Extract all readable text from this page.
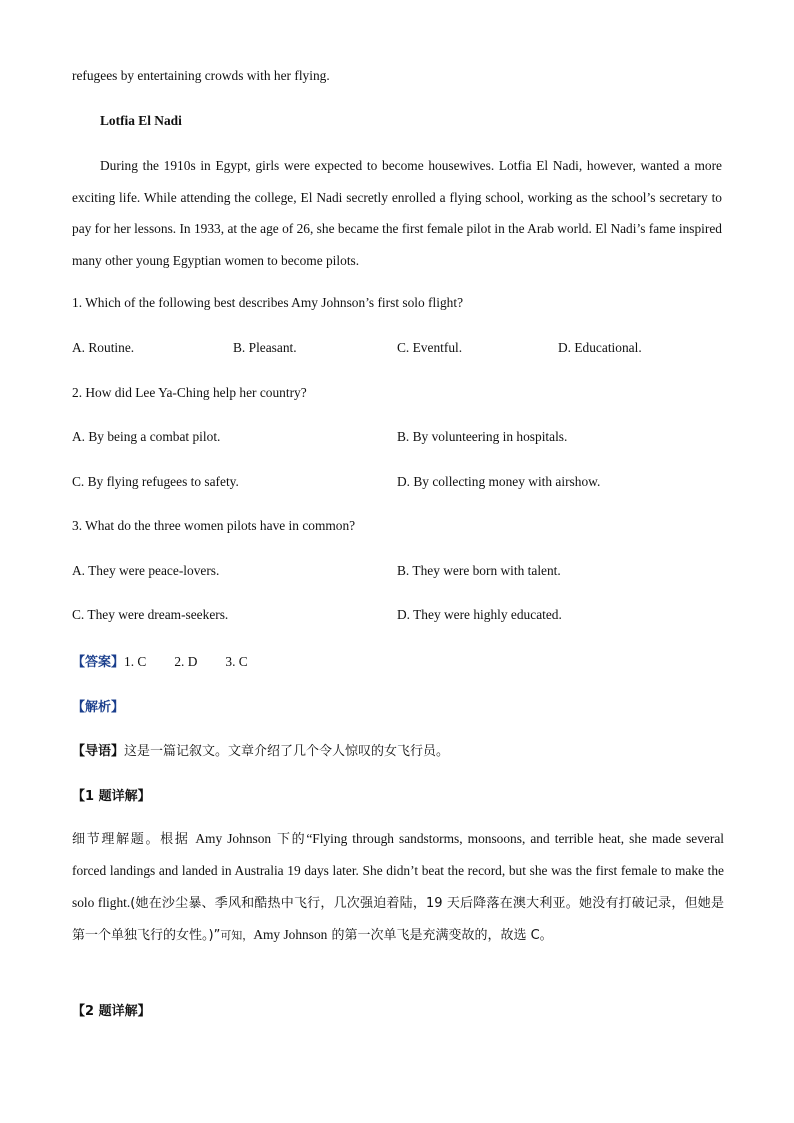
refugees by entertaining crowds with her flying.
Lotfia El Nadi
During the 1910s in Egypt, girls were expected to become housewives. Lotfia El Nadi, however, wanted a more exciting life. While attending the college, El Nadi secretly enrolled a flying school, working as the school’s secretary to pay for her lessons. In 1933, at the age of 26, she became the first female pilot in the Arab world. El Nadi’s fame inspired many other young Egyptian women to become pilots.
1. Which of the following best describes Amy Johnson’s first solo flight?
A. Routine.	B. Pleasant.	C. Eventful.	D. Educational.
2. How did Lee Ya-Ching help her country?
A. By being a combat pilot.	B. By volunteering in hospitals.
C. By flying refugees to safety.	D. By collecting money with airshow.
3. What do the three women pilots have in common?
A. They were peace-lovers.	B. They were born with talent.
C. They were dream-seekers.	D. They were highly educated.
【答案】1. C 2. D 3. C
【解析】
【导语】这是一篇记叙文。文章介绍了几个令人惊叹的女飞行员。
【1 题详解】
细节理解题。根据 Amy Johnson 下的“Flying through sandstorms, monsoons, and terrible heat, she made several forced landings and landed in Australia 19 days later. She didn’t beat the record, but she was the first female to make the solo flight.(她在沙尘暴、季风和酷热中飞行，几次强迫着陆，19 天后降落在澳大利亚。她没有打破记录，但她是第一个单独飞行的女性。)”可知，Amy Johnson 的第一次单飞是充满变故的，故选 C。
【2 题详解】
